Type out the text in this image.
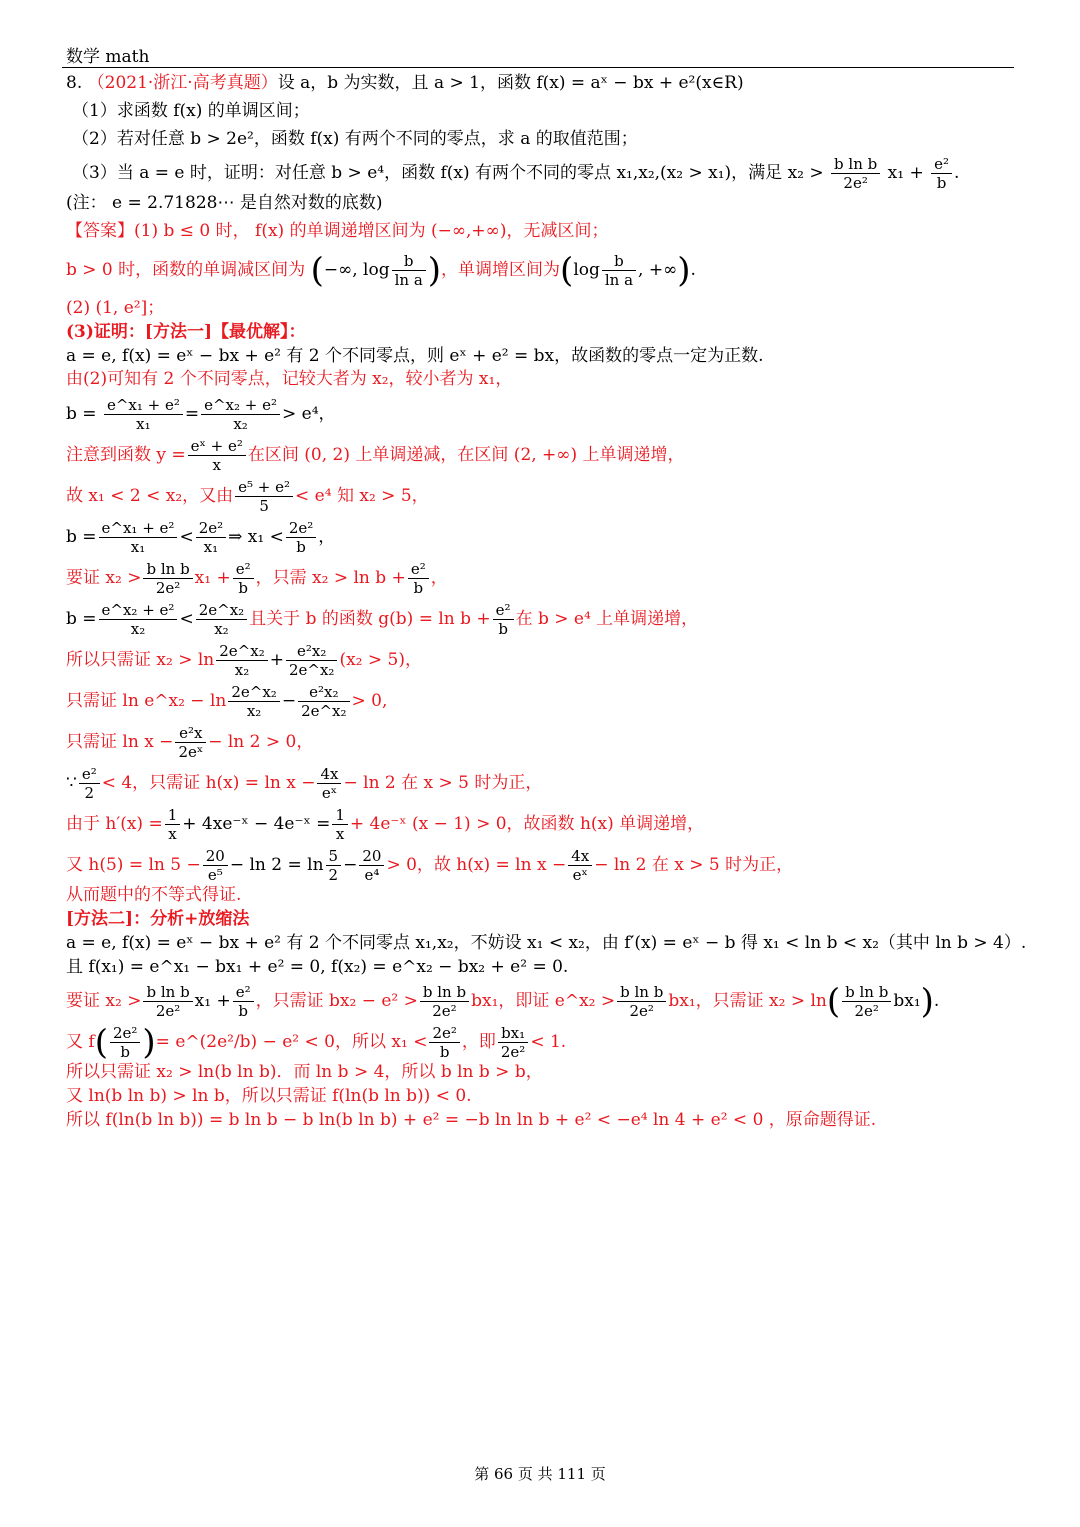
数学 math

8. （2021·浙江·高考真题）设 a，b 为实数，且 a > 1，函数 f(x) = aˣ − bx + e²(x∈R)

（1）求函数 f(x) 的单调区间；

（2）若对任意 b > 2e²，函数 f(x) 有两个不同的零点，求 a 的取值范围；

（3）当 a = e 时，证明：对任意 b > e⁴，函数 f(x) 有两个不同的零点 x₁,x₂,(x₂ > x₁)，满足 $x_2 > \frac{\text{b ln b}}{\text{2e²}} x_1 + \frac{\text{e²}}{b}$ .

(注： e = 2.71828⋯ 是自然对数的底数)

【答案】(1) b ≤ 0 时， f(x) 的单调递增区间为 (−∞,+∞)，无减区间；

b > 0 时，函数的单调减区间为 (−∞, $\log \frac{b}{\text{ln a}}$ )，单调增区间为($\log \frac{b}{\text{ln a}}$ , +∞).

(2) (1, e²]；

(3)证明：[方法一]【最优解】：

a = e, f(x) = eˣ − bx + e² 有 2 个不同零点，则 eˣ + e² = bx，故函数的零点一定为正数.

由(2)可知有 2 个不同零点，记较大者为 x₂，较小者为 x₁，

$b = \frac{\text{e\textasciicircum{}x₁ + e²}}{\text{x₁}} = \frac{\text{e\textasciicircum{}x₂ + e²}}{\text{x₂}} > e^4$，

注意到函数 $y = \frac{\text{eˣ + e²}}{x}$ 在区间 (0, 2) 上单调递减，在区间 (2, +∞) 上单调递增，

故 x₁ < 2 < x₂，又由 $\frac{\text{e⁵ + e²}}{5} < e^4$ 知 x₂ > 5，

$b = \frac{\text{e\textasciicircum{}x₁ + e²}}{\text{x₁}} < \frac{\text{2e²}}{\text{x₁}}$ ⇒ $x_1 < \frac{\text{2e²}}{b}$ ，

要证 $x_2 > \frac{\text{b ln b}}{\text{2e²}} x_1 + \frac{\text{e²}}{b}$ ，只需 $x_2 > \ln b + \frac{\text{e²}}{b}$ ，

$b = \frac{\text{e\textasciicircum{}x₂ + e²}}{\text{x₂}} < \frac{\text{2e\textasciicircum{}x₂}}{\text{x₂}}$ 且关于 b 的函数 $g(b) = \ln b + \frac{\text{e²}}{b}$ 在 b > e⁴ 上单调递增，

所以只需证 $x_2 > \ln \frac{\text{2e\textasciicircum{}x₂}}{\text{x₂}} + \frac{\text{e²x₂}}{\text{2e\textasciicircum{}x₂}} (x_2 > 5)$，

只需证 ln e^x₂ − $\ln \frac{\text{2e\textasciicircum{}x₂}}{\text{x₂}} - \frac{\text{e²x₂}}{\text{2e\textasciicircum{}x₂}} > 0$,

只需证 $\ln x - \frac{\text{e²x}}{\text{2eˣ}} - \ln 2 > 0$，

∵ $\frac{\text{e²}}{2} < 4$，只需证 $h(x) = \ln x - \frac{4x}{\text{eˣ}} - \ln 2$ 在 x > 5 时为正，

由于 $h'(x) = \frac{1}{x}$ + 4xe⁻ˣ − 4e⁻ˣ = $\frac{1}{x}$ + 4e⁻ˣ (x − 1) > 0，故函数 h(x) 单调递增，

又 $h(5) = \ln 5 - \frac{20}{\text{e⁵}} - \ln 2 = \ln \frac{5}{2} - \frac{20}{\text{e⁴}} > 0$，故 $h(x) = \ln x - \frac{4x}{\text{eˣ}} - \ln 2$ 在 x > 5 时为正，

从而题中的不等式得证.

[方法二]：分析+放缩法

a = e, f(x) = eˣ − bx + e² 有 2 个不同零点 x₁,x₂，不妨设 x₁ < x₂，由 f′(x) = eˣ − b 得 x₁ < ln b < x₂（其中 ln b > 4）.

且 f(x₁) = e^x₁ − bx₁ + e² = 0, f(x₂) = e^x₂ − bx₂ + e² = 0.

要证 $x_2 > \frac{\text{b ln b}}{\text{2e²}} x_1 + \frac{\text{e²}}{b}$ ，只需证 $bx_2 - e^2 > \frac{\text{b ln b}}{\text{2e²}} bx_1$，即证 e^x₂ > $\frac{\text{b ln b}}{\text{2e²}} bx_1$，只需证 $x_2 > \ln( \frac{\text{b ln b}}{\text{2e²}} bx_1)$.

又 $f( \frac{\text{2e²}}{b}$ )= e^(2e²/b) − e² < 0，所以 $x_1 < \frac{\text{2e²}}{b}$ ，即 $\frac{\text{bx₁}}{\text{2e²}} < 1$.

所以只需证 x₂ > ln(b ln b)．而 ln b > 4，所以 b ln b > b，

又 ln(b ln b) > ln b，所以只需证 f(ln(b ln b)) < 0.

所以 f(ln(b ln b)) = b ln b − b ln(b ln b) + e² = −b ln ln b + e² < −e⁴ ln 4 + e² < 0 ，原命题得证.

第 66 页 共 111 页
